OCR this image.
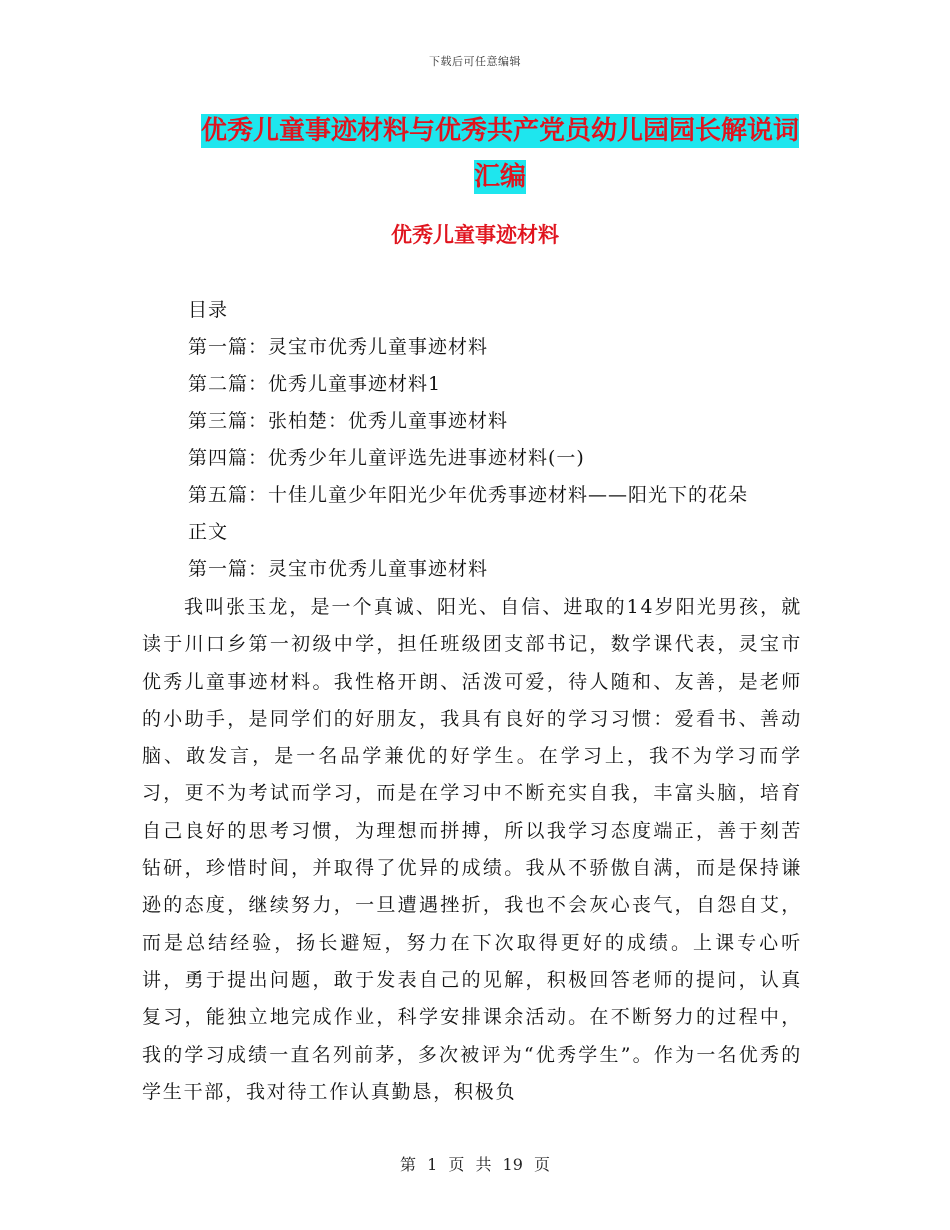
下载后可任意编辑
优秀儿童事迹材料与优秀共产党员幼儿园园长解说词
汇编
优秀儿童事迹材料
目录
第一篇：灵宝市优秀儿童事迹材料
第二篇：优秀儿童事迹材料1
第三篇：张柏楚：优秀儿童事迹材料
第四篇：优秀少年儿童评选先进事迹材料(一)
第五篇：十佳儿童少年阳光少年优秀事迹材料——阳光下的花朵
正文
第一篇：灵宝市优秀儿童事迹材料
我叫张玉龙，是一个真诚、阳光、自信、进取的14岁阳光男孩，就读于川口乡第一初级中学，担任班级团支部书记，数学课代表，灵宝市优秀儿童事迹材料。我性格开朗、活泼可爱，待人随和、友善，是老师的小助手，是同学们的好朋友，我具有良好的学习习惯：爱看书、善动脑、敢发言，是一名品学兼优的好学生。在学习上，我不为学习而学习，更不为考试而学习，而是在学习中不断充实自我，丰富头脑，培育自己良好的思考习惯，为理想而拼搏，所以我学习态度端正，善于刻苦钻研，珍惜时间，并取得了优异的成绩。我从不骄傲自满，而是保持谦逊的态度，继续努力，一旦遭遇挫折，我也不会灰心丧气，自怨自艾，而是总结经验，扬长避短，努力在下次取得更好的成绩。上课专心听讲，勇于提出问题，敢于发表自己的见解，积极回答老师的提问，认真复习，能独立地完成作业，科学安排课余活动。在不断努力的过程中，我的学习成绩一直名列前茅，多次被评为“优秀学生”。作为一名优秀的学生干部，我对待工作认真勤恳，积极负
第 1 页 共 19 页
